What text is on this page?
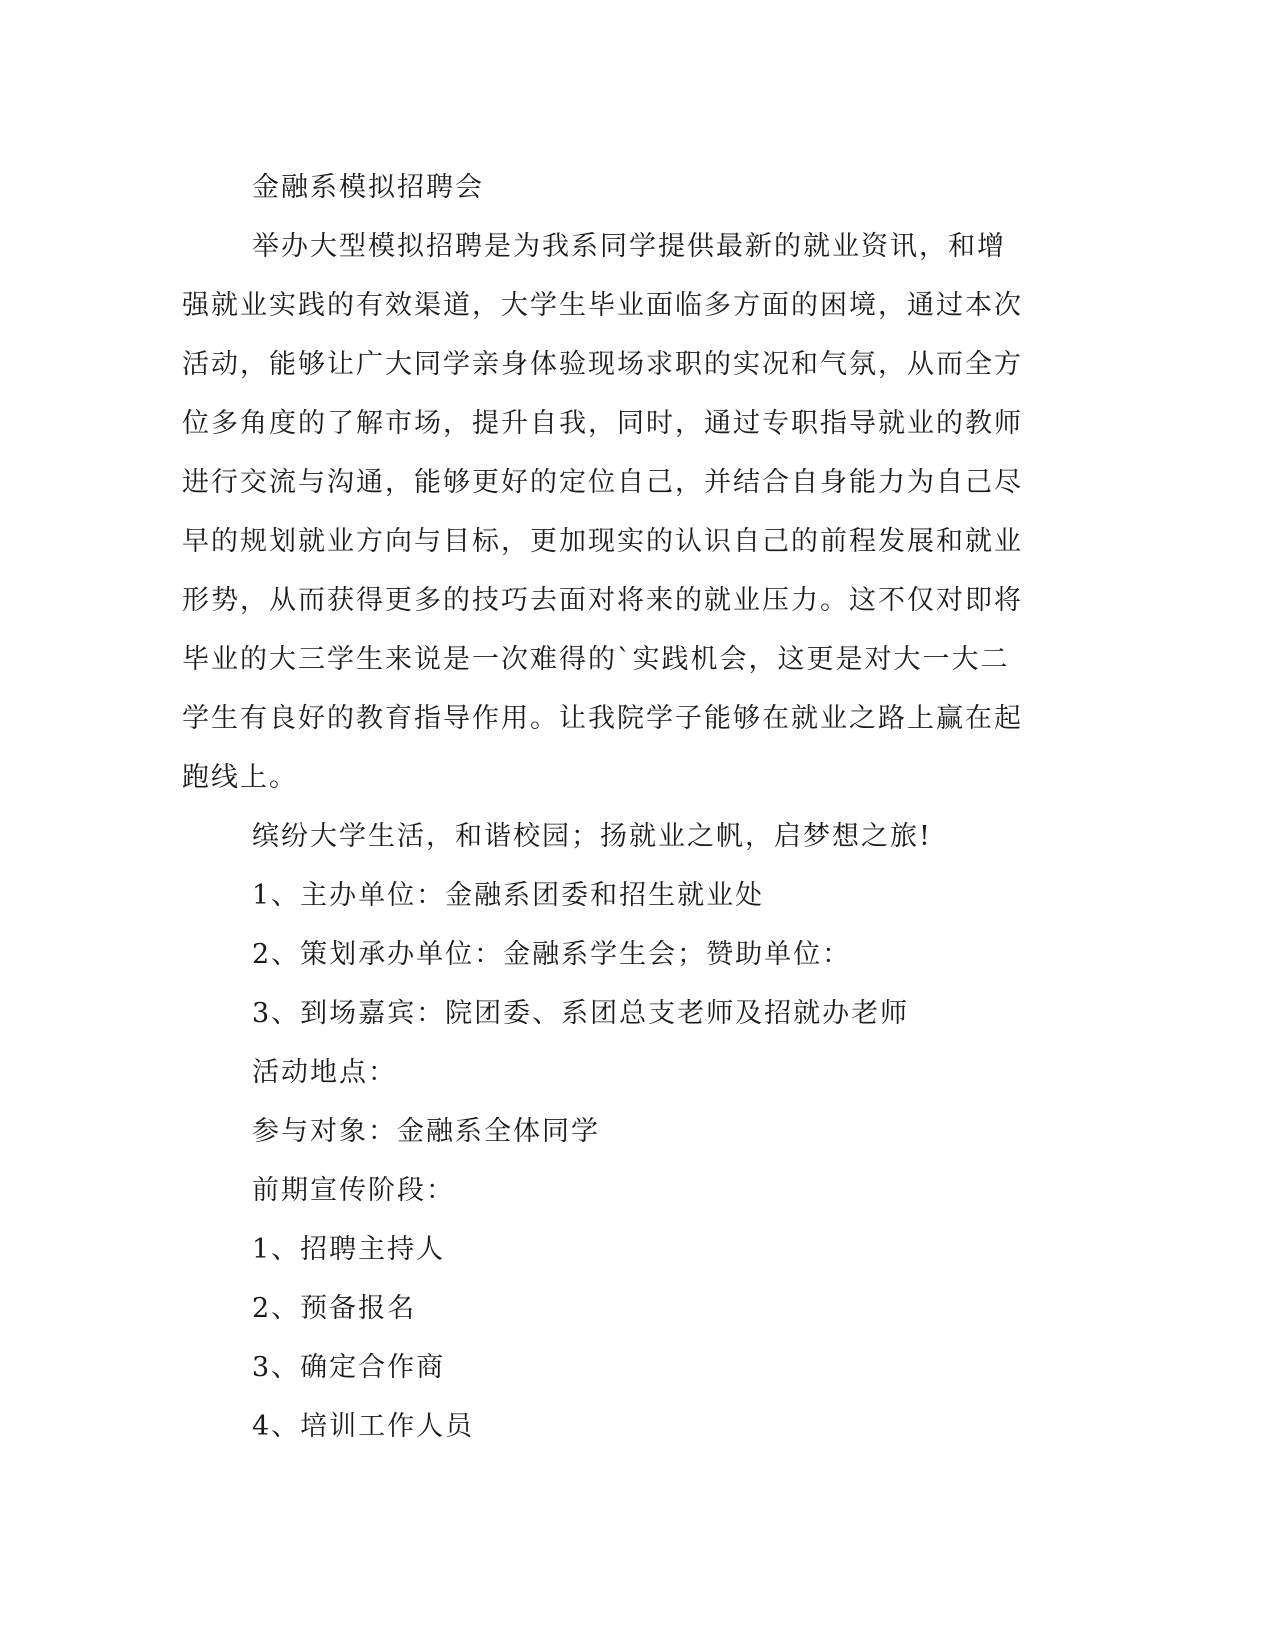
金融系模拟招聘会

举办大型模拟招聘是为我系同学提供最新的就业资讯，和增强就业实践的有效渠道，大学生毕业面临多方面的困境，通过本次活动，能够让广大同学亲身体验现场求职的实况和气氛，从而全方位多角度的了解市场，提升自我，同时，通过专职指导就业的教师进行交流与沟通，能够更好的定位自己，并结合自身能力为自己尽早的规划就业方向与目标，更加现实的认识自己的前程发展和就业形势，从而获得更多的技巧去面对将来的就业压力。这不仅对即将毕业的大三学生来说是一次难得的`实践机会，这更是对大一大二学生有良好的教育指导作用。让我院学子能够在就业之路上赢在起跑线上。

缤纷大学生活，和谐校园；扬就业之帆，启梦想之旅!

1、主办单位：金融系团委和招生就业处

2、策划承办单位：金融系学生会；赞助单位：

3、到场嘉宾：院团委、系团总支老师及招就办老师

活动地点：

参与对象：金融系全体同学

前期宣传阶段：

1、招聘主持人

2、预备报名

3、确定合作商

4、培训工作人员
